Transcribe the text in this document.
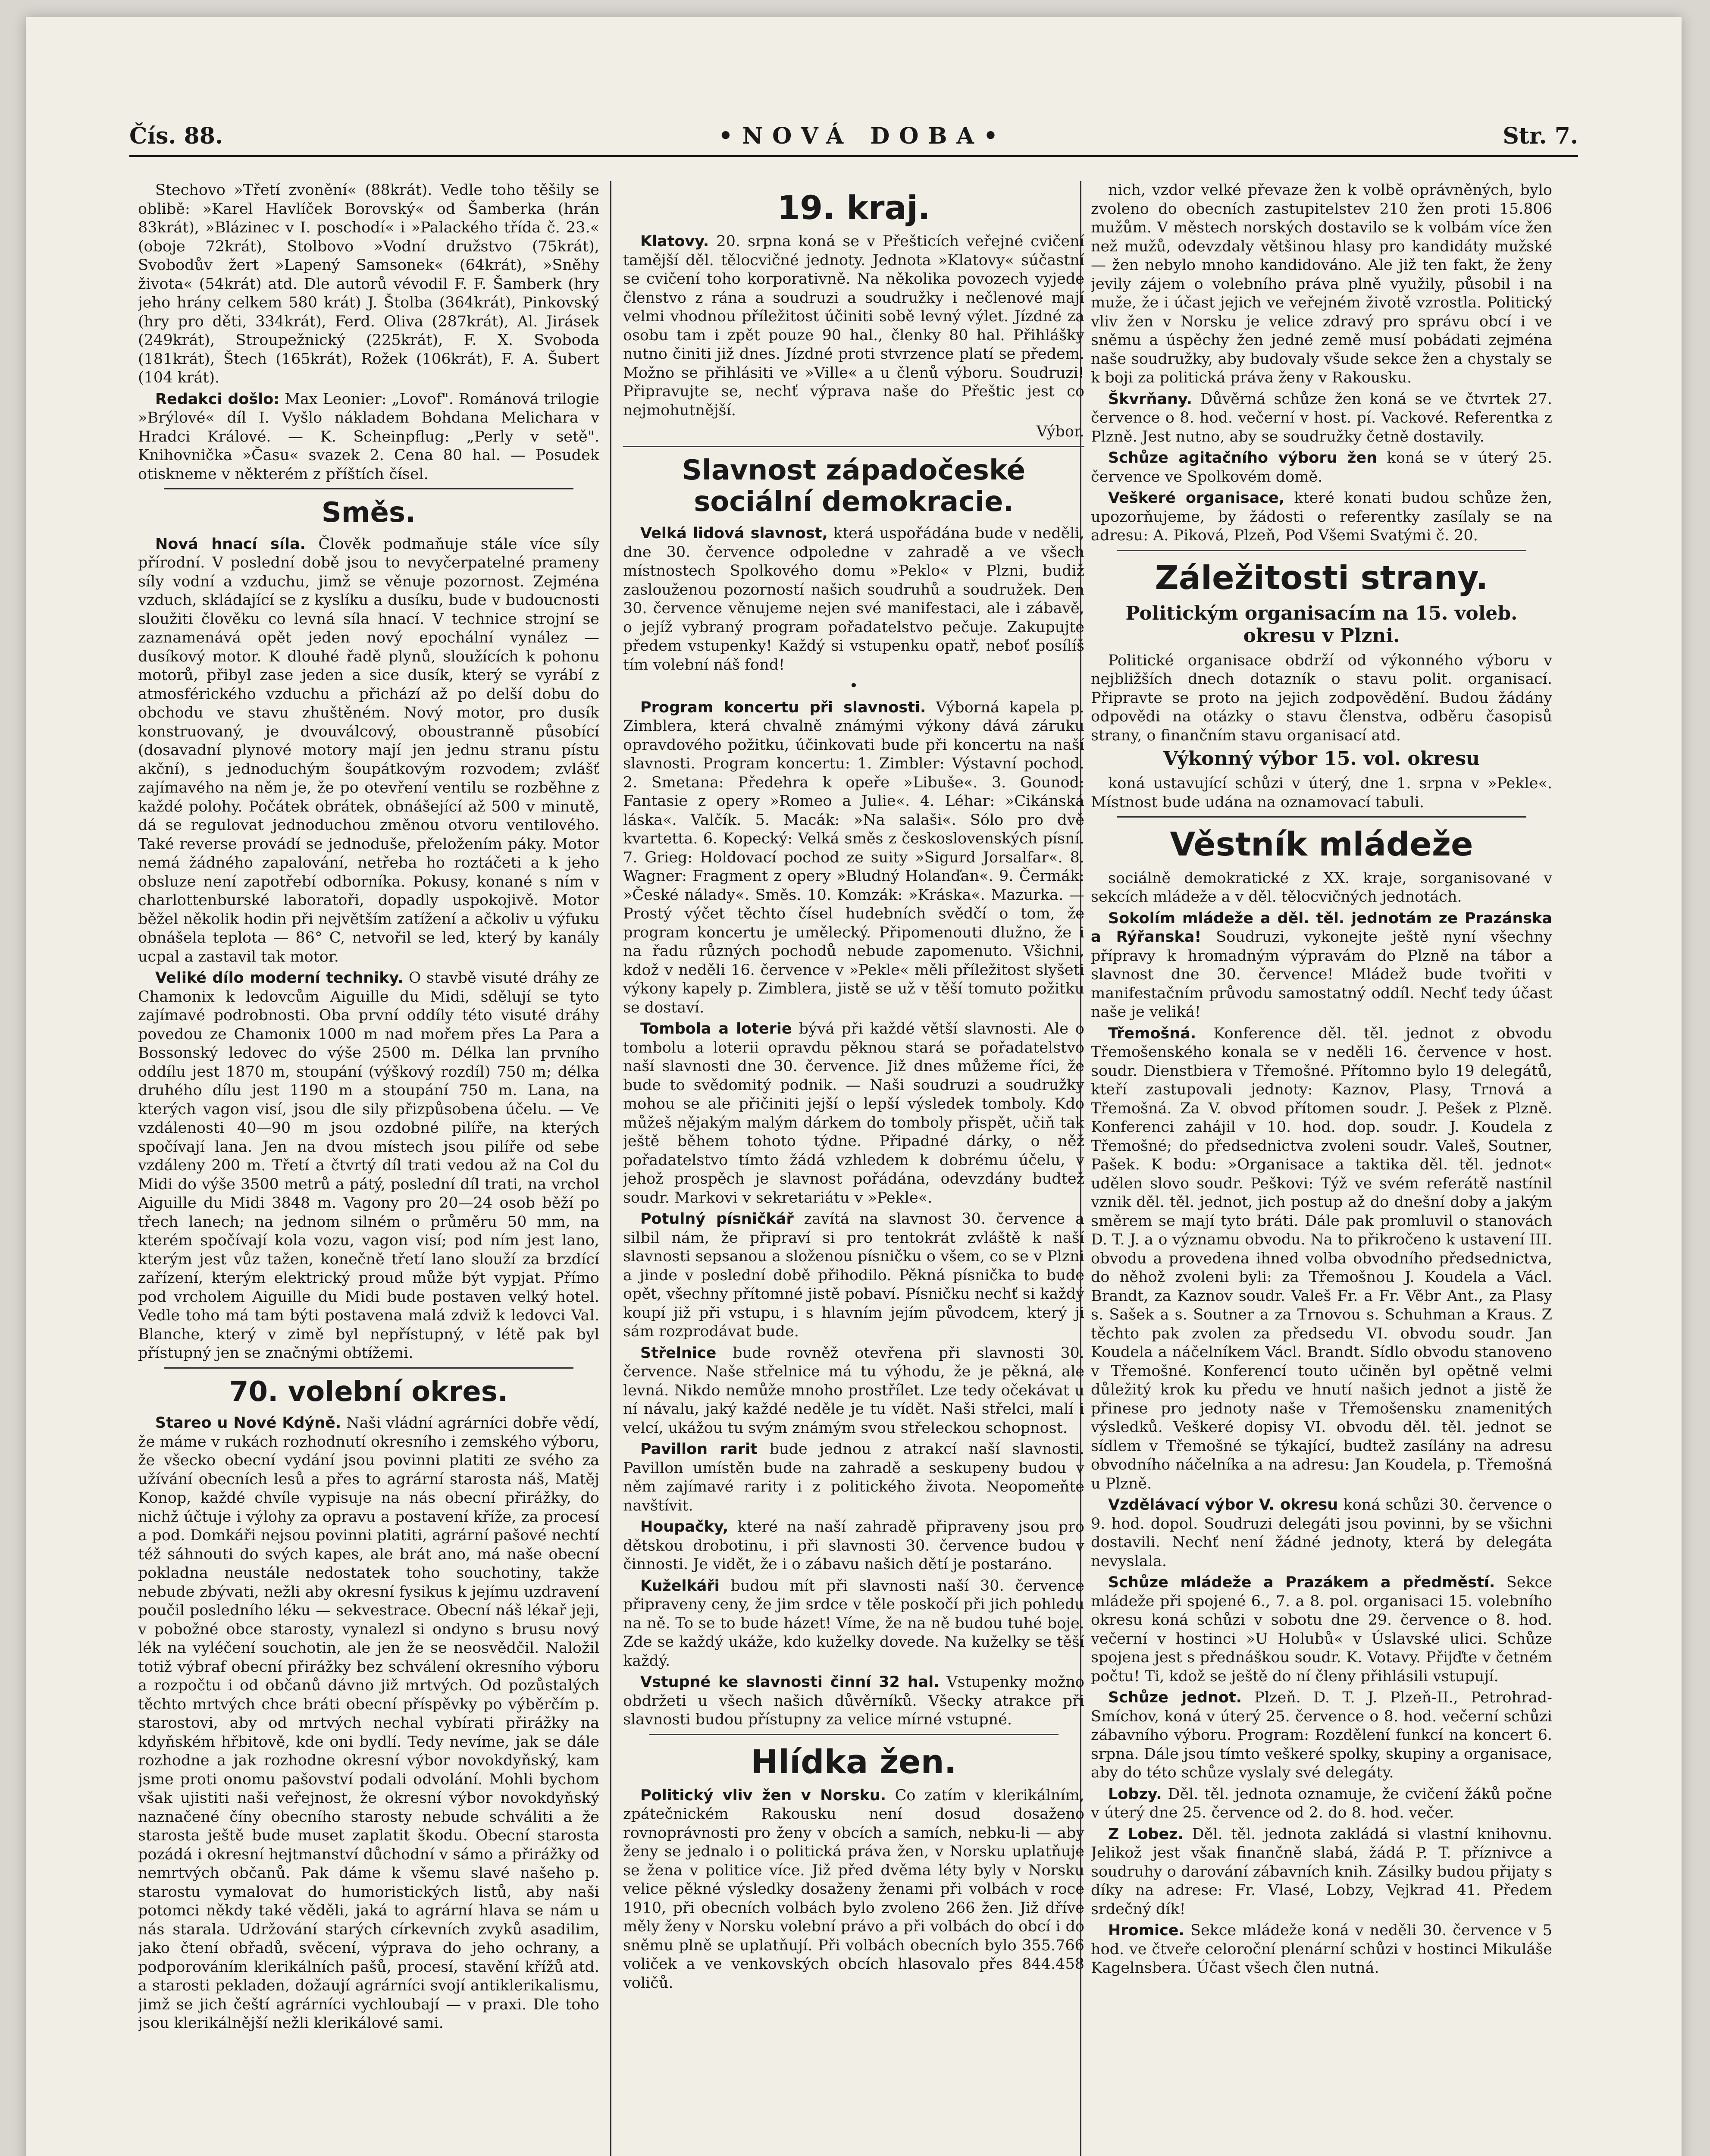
Čís. 88.	•NOVÁ DOBA•	Str. 7.

Stechovo »Třetí zvonění« (88krát). Vedle toho těšily se oblibě: »Karel Havlíček Borovský« od Šamberka (hrán 83krát), »Blázinec v I. poschodí« i »Palackého třída č. 23.« (oboje 72krát), Stolbovo »Vodní družstvo (75krát), Svobodův žert »Lapený Samsonek« (64krát), »Sněhy života« (54krát) atd. Dle autorů vévodil F. F. Šamberk (hry jeho hrány celkem 580 krát) J. Štolba (364krát), Pinkovský (hry pro děti, 334krát), Ferd. Oliva (287krát), Al. Jirásek (249krát), Stroupežnický (225krát), F. X. Svoboda (181krát), Štech (165krát), Rožek (106krát), F. A. Šubert (104 krát).

Redakci došlo: Max Leonier: „Lovof". Románová trilogie »Brýlové« díl I. Vyšlo nákladem Bohdana Melichara v Hradci Králové. — K. Scheinpflug: „Perly v setě". Knihovnička »Času« svazek 2. Cena 80 hal. — Posudek otiskneme v některém z příštích čísel.

Směs.

Nová hnací síla. Člověk podmaňuje stále více síly přírodní. V poslední době jsou to nevyčerpatelné prameny síly vodní a vzduchu, jimž se věnuje pozornost. Zejména vzduch, skládající se z kyslíku a dusíku, bude v budoucnosti sloužiti člověku co levná síla hnací. V technice strojní se zaznamenává opět jeden nový epochální vynález — dusíkový motor. K dlouhé řadě plynů, sloužících k pohonu motorů, přibyl zase jeden a sice dusík, který se vyrábí z atmosférického vzduchu a přichází až po delší dobu do obchodu ve stavu zhuštěném. Nový motor, pro dusík konstruovaný, je dvouválcový, oboustranně působící (dosavadní plynové motory mají jen jednu stranu pístu akční), s jednoduchým šoupátkovým rozvodem; zvlášť zajímavého na něm je, že po otevření ventilu se rozběhne z každé polohy. Počátek obrátek, obnášející až 500 v minutě, dá se regulovat jednoduchou změnou otvoru ventilového. Také reverse provádí se jednoduše, přeložením páky. Motor nemá žádného zapalování, netřeba ho roztáčeti a k jeho obsluze není zapotřebí odborníka. Pokusy, konané s ním v charlottenburské laboratoři, dopadly uspokojivě. Motor běžel několik hodin při největším zatížení a ačkoliv u výfuku obnášela teplota — 86° C, netvořil se led, který by kanály ucpal a zastavil tak motor.

Veliké dílo moderní techniky. O stavbě visuté dráhy ze Chamonix k ledovcům Aiguille du Midi, sdělují se tyto zajímavé podrobnosti. Oba první oddíly této visuté dráhy povedou ze Chamonix 1000 m nad mořem přes La Para a Bossonský ledovec do výše 2500 m. Délka lan prvního oddílu jest 1870 m, stoupání (výškový rozdíl) 750 m; délka druhého dílu jest 1190 m a stoupání 750 m. Lana, na kterých vagon visí, jsou dle sily přizpůsobena účelu. — Ve vzdálenosti 40—90 m jsou ozdobné pilíře, na kterých spočívají lana. Jen na dvou místech jsou pilíře od sebe vzdáleny 200 m. Třetí a čtvrtý díl trati vedou až na Col du Midi do výše 3500 metrů a pátý, poslední díl trati, na vrchol Aiguille du Midi 3848 m. Vagony pro 20—24 osob běží po třech lanech; na jednom silném o průměru 50 mm, na kterém spočívají kola vozu, vagon visí; pod ním jest lano, kterým jest vůz tažen, konečně třetí lano slouží za brzdící zařízení, kterým elektrický proud může být vypjat. Přímo pod vrcholem Aiguille du Midi bude postaven velký hotel. Vedle toho má tam býti postavena malá zdviž k ledovci Val. Blanche, který v zimě byl nepřístupný, v létě pak byl přístupný jen se značnými obtížemi.

70. volební okres.

Stareo u Nové Kdýně. Naši vládní agrárníci dobře vědí, že máme v rukách rozhodnutí okresního i zemského výboru, že všecko obecní vydání jsou povinni platiti ze svého za užívání obecních lesů a přes to agrární starosta náš, Matěj Konop, každé chvíle vypisuje na nás obecní přirážky, do nichž účtuje i výlohy za opravu a postavení kříže, za procesí a pod. Domkáři nejsou povinni platiti, agrární pašové nechtí též sáhnouti do svých kapes, ale brát ano, má naše obecní pokladna neustále nedostatek toho souchotiny, takže nebude zbývati, nežli aby okresní fysikus k jejímu uzdravení poučil posledního léku — sekvestrace. Obecní náš lékař jeji, v pobožné obce starosty, vynalezl si ondyno s brusu nový lék na vyléčení souchotin, ale jen že se neosvědčil. Naložil totiž výbraf obecní přirážky bez schválení okresního výboru a rozpočtu i od občanů dávno již mrtvých. Od pozůstalých těchto mrtvých chce bráti obecní příspěvky po výběrčím p. starostovi, aby od mrtvých nechal vybírati přirážky na kdyňském hřbitově, kde oni bydlí. Tedy nevíme, jak se dále rozhodne a jak rozhodne okresní výbor novokdyňský, kam jsme proti onomu pašovství podali odvolání. Mohli bychom však ujistiti naši veřejnost, že okresní výbor novokdyňský naznačené číny obecního starosty nebude schváliti a že starosta ještě bude muset zaplatit škodu. Obecní starosta pozádá i okresní hejtmanství důchodní v sámo a přirážky od nemrtvých občanů. Pak dáme k všemu slavé našeho p. starostu vymalovat do humoristických listů, aby naši potomci někdy také věděli, jaká to agrární hlava se nám u nás starala. Udržování starých církevních zvyků asadilim, jako čtení obřadů, svěcení, výprava do jeho ochrany, a podporováním klerikálních pašů, procesí, stavění křížů atd. a starosti pekladen, dožaují agrárníci svojí antiklerikalismu, jimž se jich čeští agrárníci vychloubají — v praxi. Dle toho jsou klerikálnější nežli klerikálové sami.

19. kraj.

Klatovy. 20. srpna koná se v Přešticích veřejné cvičení tamější děl. tělocvičné jednoty. Jednota »Klatovy« súčastní se cvičení toho korporativně. Na několika povozech vyjede členstvo z rána a soudruzi a soudružky i nečlenové mají velmi vhodnou příležitost účiniti sobě levný výlet. Jízdné za osobu tam i zpět pouze 90 hal., členky 80 hal. Přihlášky nutno činiti již dnes. Jízdné proti stvrzence platí se předem. Možno se přihlásiti ve »Ville« a u členů výboru. Soudruzi! Připravujte se, nechť výprava naše do Přeštic jest co nejmohutnější.

Výbor.
Slavnost západočeské sociální demokracie.

Velká lidová slavnost, která uspořádána bude v neděli, dne 30. července odpoledne v zahradě a ve všech místnostech Spolkového domu »Peklo« v Plzni, budiž zaslouženou pozorností našich soudruhů a soudružek. Den 30. července věnujeme nejen své manifestaci, ale i zábavě, o jejíž vybraný program pořadatelstvo pečuje. Zakupujte předem vstupenky! Každý si vstupenku opatř, neboť posílíš tím volební náš fond!

•

Program koncertu při slavnosti. Výborná kapela p. Zimblera, která chvalně známými výkony dává záruku opravdového požitku, účinkovati bude při koncertu na naší slavnosti. Program koncertu: 1. Zimbler: Výstavní pochod. 2. Smetana: Předehra k opeře »Libuše«. 3. Gounod: Fantasie z opery »Romeo a Julie«. 4. Léhar: »Cikánská láska«. Valčík. 5. Macák: »Na salaši«. Sólo pro dvě kvartetta. 6. Kopecký: Velká směs z československých písní. 7. Grieg: Holdovací pochod ze suity »Sigurd Jorsalfar«. 8. Wagner: Fragment z opery »Bludný Holanďan«. 9. Čermák: »České nálady«. Směs. 10. Komzák: »Kráska«. Mazurka. — Prostý výčet těchto čísel hudebních svědčí o tom, že program koncertu je umělecký. Připomenouti dlužno, že i na řadu různých pochodů nebude zapomenuto. Všichni, kdož v neděli 16. července v »Pekle« měli příležitost slyšeti výkony kapely p. Zimblera, jistě se už v těší tomuto požitku se dostaví.

Tombola a loterie bývá při každé větší slavnosti. Ale o tombolu a loterii opravdu pěknou stará se pořadatelstvo naší slavnosti dne 30. července. Již dnes můžeme říci, že bude to svědomitý podnik. — Naši soudruzi a soudružky mohou se ale přičiniti jejší o lepší výsledek tomboly. Kdo můžeš nějakým malým dárkem do tomboly přispět, učiň tak ještě během tohoto týdne. Připadné dárky, o něž pořadatelstvo tímto žádá vzhledem k dobrému účelu, v jehož prospěch je slavnost pořádána, odevzdány budtež soudr. Markovi v sekretariátu v »Pekle«.

Potulný písničkář zavítá na slavnost 30. července a silbil nám, že připraví si pro tentokrát zvláště k naší slavnosti sepsanou a složenou písničku o všem, co se v Plzni a jinde v poslední době přihodilo. Pěkná písnička to bude opět, všechny přítomné jistě pobaví. Písničku nechť si každý koupí již při vstupu, i s hlavním jejím původcem, který ji sám rozprodávat bude.

Střelnice bude rovněž otevřena při slavnosti 30. července. Naše střelnice má tu výhodu, že je pěkná, ale levná. Nikdo nemůže mnoho prostřílet. Lze tedy očekávat u ní návalu, jaký každé neděle je tu vídět. Naši střelci, malí i velcí, ukážou tu svým známým svou střeleckou schopnost.

Pavillon rarit bude jednou z atrakcí naší slavnosti. Pavillon umístěn bude na zahradě a seskupeny budou v něm zajímavé rarity i z politického života. Neopomeňte navštívit.

Houpačky, které na naší zahradě připraveny jsou pro dětskou drobotinu, i při slavnosti 30. července budou v činnosti. Je vidět, že i o zábavu našich dětí je postaráno.

Kuželkáři budou mít při slavnosti naší 30. července připraveny ceny, že jim srdce v těle poskočí při jich pohledu na ně. To se to bude házet! Víme, že na ně budou tuhé boje. Zde se každý ukáže, kdo kuželky dovede. Na kuželky se těší každý.

Vstupné ke slavnosti činní 32 hal. Vstupenky možno obdržeti u všech našich důvěrníků. Všecky atrakce při slavnosti budou přístupny za velice mírné vstupné.

Hlídka žen.

Politický vliv žen v Norsku. Co zatím v klerikálním, zpátečnickém Rakousku není dosud dosaženo rovnoprávnosti pro ženy v obcích a samích, nebku-li — aby ženy se jednalo i o politická práva žen, v Norsku uplatňuje se žena v politice více. Již před dvěma léty byly v Norsku velice pěkné výsledky dosaženy ženami při volbách v roce 1910, při obecních volbách bylo zvoleno 266 žen. Již dříve měly ženy v Norsku volební právo a při volbách do obcí i do sněmu plně se uplatňují. Při volbách obecních bylo 355.766 voliček a ve venkovských obcích hlasovalo přes 844.458 voličů.

nich, vzdor velké převaze žen k volbě oprávněných, bylo zvoleno do obecních zastupitelstev 210 žen proti 15.806 mužům. V městech norských dostavilo se k volbám více žen než mužů, odevzdaly většinou hlasy pro kandidáty mužské — žen nebylo mnoho kandidováno. Ale již ten fakt, že ženy jevily zájem o volebního práva plně využily, působil i na muže, že i účast jejich ve veřejném životě vzrostla. Politický vliv žen v Norsku je velice zdravý pro správu obcí i ve sněmu a úspěchy žen jedné země musí pobádati zejména naše soudružky, aby budovaly všude sekce žen a chystaly se k boji za politická práva ženy v Rakousku.

Škvrňany. Důvěrná schůze žen koná se ve čtvrtek 27. července o 8. hod. večerní v host. pí. Vackové. Referentka z Plzně. Jest nutno, aby se soudružky četně dostavily.

Schůze agitačního výboru žen koná se v úterý 25. července ve Spolkovém domě.

Veškeré organisace, které konati budou schůze žen, upozorňujeme, by žádosti o referentky zasílaly se na adresu: A. Piková, Plzeň, Pod Všemi Svatými č. 20.

Záležitosti strany.
Politickým organisacím na 15. voleb. okresu v Plzni.

Politické organisace obdrží od výkonného výboru v nejbližších dnech dotazník o stavu polit. organisací. Připravte se proto na jejich zodpovědění. Budou žádány odpovědi na otázky o stavu členstva, odběru časopisů strany, o finančním stavu organisací atd.

Výkonný výbor 15. vol. okresu

koná ustavující schůzi v úterý, dne 1. srpna v »Pekle«. Místnost bude udána na oznamovací tabuli.

Věstník mládeže

sociálně demokratické z XX. kraje, sorganisované v sekcích mládeže a v děl. tělocvičných jednotách.

Sokolím mládeže a děl. těl. jednotám ze Prazánska a Rýřanska! Soudruzi, vykonejte ještě nyní všechny přípravy k hromadným výpravám do Plzně na tábor a slavnost dne 30. července! Mládež bude tvořiti v manifestačním průvodu samostatný oddíl. Nechť tedy účast naše je veliká!

Třemošná. Konference děl. těl. jednot z obvodu Třemošenského konala se v neděli 16. července v host. soudr. Dienstbiera v Třemošné. Přítomno bylo 19 delegátů, kteří zastupovali jednoty: Kaznov, Plasy, Trnová a Třemošná. Za V. obvod přítomen soudr. J. Pešek z Plzně. Konferenci zahájil v 10. hod. dop. soudr. J. Koudela z Třemošné; do předsednictva zvoleni soudr. Valeš, Soutner, Pašek. K bodu: »Organisace a taktika děl. těl. jednot« udělen slovo soudr. Peškovi: Týž ve svém referátě nastínil vznik děl. těl. jednot, jich postup až do dnešní doby a jakým směrem se mají tyto bráti. Dále pak promluvil o stanovách D. T. J. a o významu obvodu. Na to přikročeno k ustavení III. obvodu a provedena ihned volba obvodního předsednictva, do něhož zvoleni byli: za Třemošnou J. Koudela a Václ. Brandt, za Kaznov soudr. Valeš Fr. a Fr. Věbr Ant., za Plasy s. Sašek a s. Soutner a za Trnovou s. Schuhman a Kraus. Z těchto pak zvolen za předsedu VI. obvodu soudr. Jan Koudela a náčelníkem Václ. Brandt. Sídlo obvodu stanoveno v Třemošné. Konferencí touto učiněn byl opětně velmi důležitý krok ku předu ve hnutí našich jednot a jistě že přinese pro jednoty naše v Třemošensku znamenitých výsledků. Veškeré dopisy VI. obvodu děl. těl. jednot se sídlem v Třemošné se týkající, budtež zasílány na adresu obvodního náčelníka a na adresu: Jan Koudela, p. Třemošná u Plzně.

Vzdělávací výbor V. okresu koná schůzi 30. července o 9. hod. dopol. Soudruzi delegáti jsou povinni, by se všichni dostavili. Nechť není žádné jednoty, která by delegáta nevyslala.

Schůze mládeže a Prazákem a předměstí. Sekce mládeže při spojené 6., 7. a 8. pol. organisaci 15. volebního okresu koná schůzi v sobotu dne 29. července o 8. hod. večerní v hostinci »U Holubů« v Úslavské ulici. Schůze spojena jest s přednáškou soudr. K. Votavy. Přijďte v četném počtu! Ti, kdož se ještě do ní členy přihlásili vstupují.

Schůze jednot. Plzeň. D. T. J. Plzeň-II., Petrohrad-Smíchov, koná v úterý 25. července o 8. hod. večerní schůzi zábavního výboru. Program: Rozdělení funkcí na koncert 6. srpna. Dále jsou tímto veškeré spolky, skupiny a organisace, aby do této schůze vyslaly své delegáty.

Lobzy. Děl. těl. jednota oznamuje, že cvičení žáků počne v úterý dne 25. července od 2. do 8. hod. večer.

Z Lobez. Děl. těl. jednota zakládá si vlastní knihovnu. Jelikož jest však finančně slabá, žádá P. T. příznivce a soudruhy o darování zábavních knih. Zásilky budou přijaty s díky na adrese: Fr. Vlasé, Lobzy, Vejkrad 41. Předem srdečný dík!

Hromice. Sekce mládeže koná v neděli 30. července v 5 hod. ve čtveře celoroční plenární schůzi v hostinci Mikuláše Kagelnsbera. Účast všech člen nutná.
